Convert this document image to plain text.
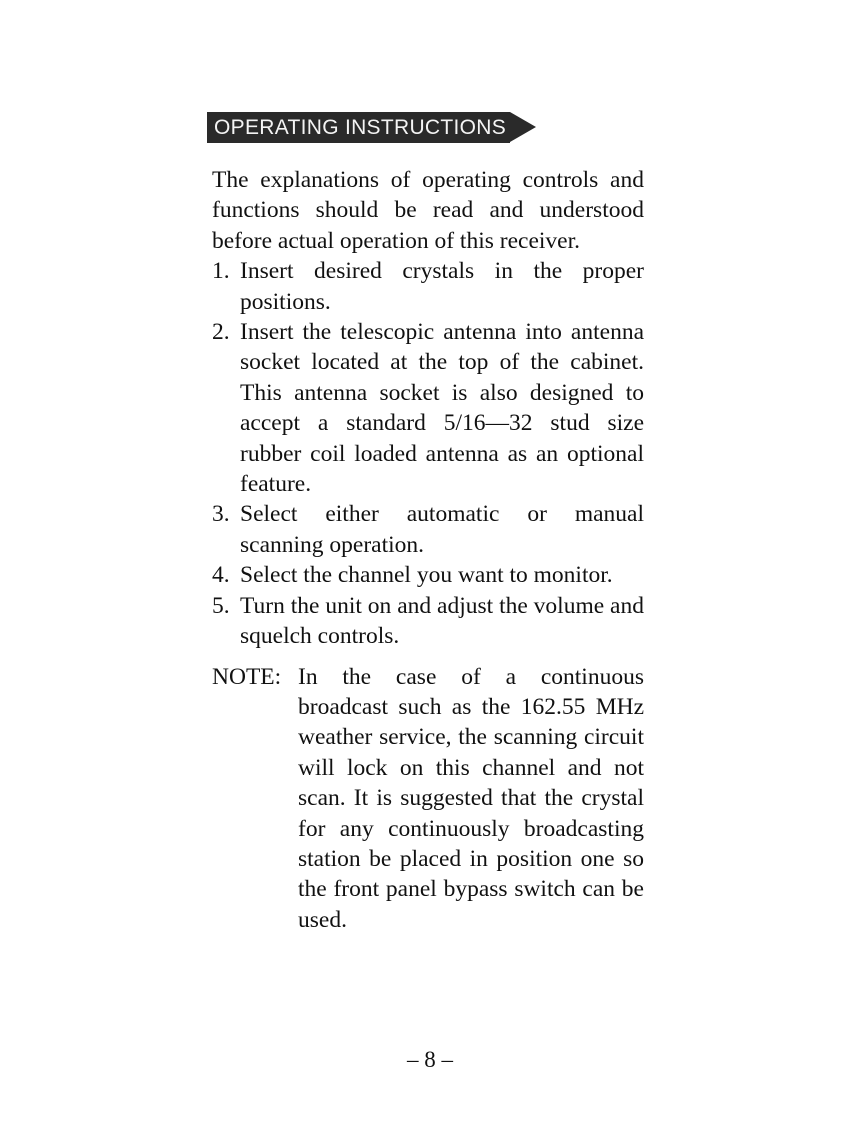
OPERATING INSTRUCTIONS

The explanations of operating controls and functions should be read and understood before actual operation of this receiver.

1. Insert desired crystals in the proper positions.
2. Insert the telescopic antenna into antenna socket located at the top of the cabinet. This antenna socket is also designed to accept a standard 5/16—32 stud size rubber coil loaded antenna as an optional feature.
3. Select either automatic or manual scanning operation.
4. Select the channel you want to monitor.
5. Turn the unit on and adjust the volume and squelch controls.
NOTE: In the case of a continuous broadcast such as the 162.55 MHz weather service, the scanning circuit will lock on this channel and not scan. It is suggested that the crystal for any continuously broadcasting station be placed in position one so the front panel bypass switch can be used.
– 8 –
